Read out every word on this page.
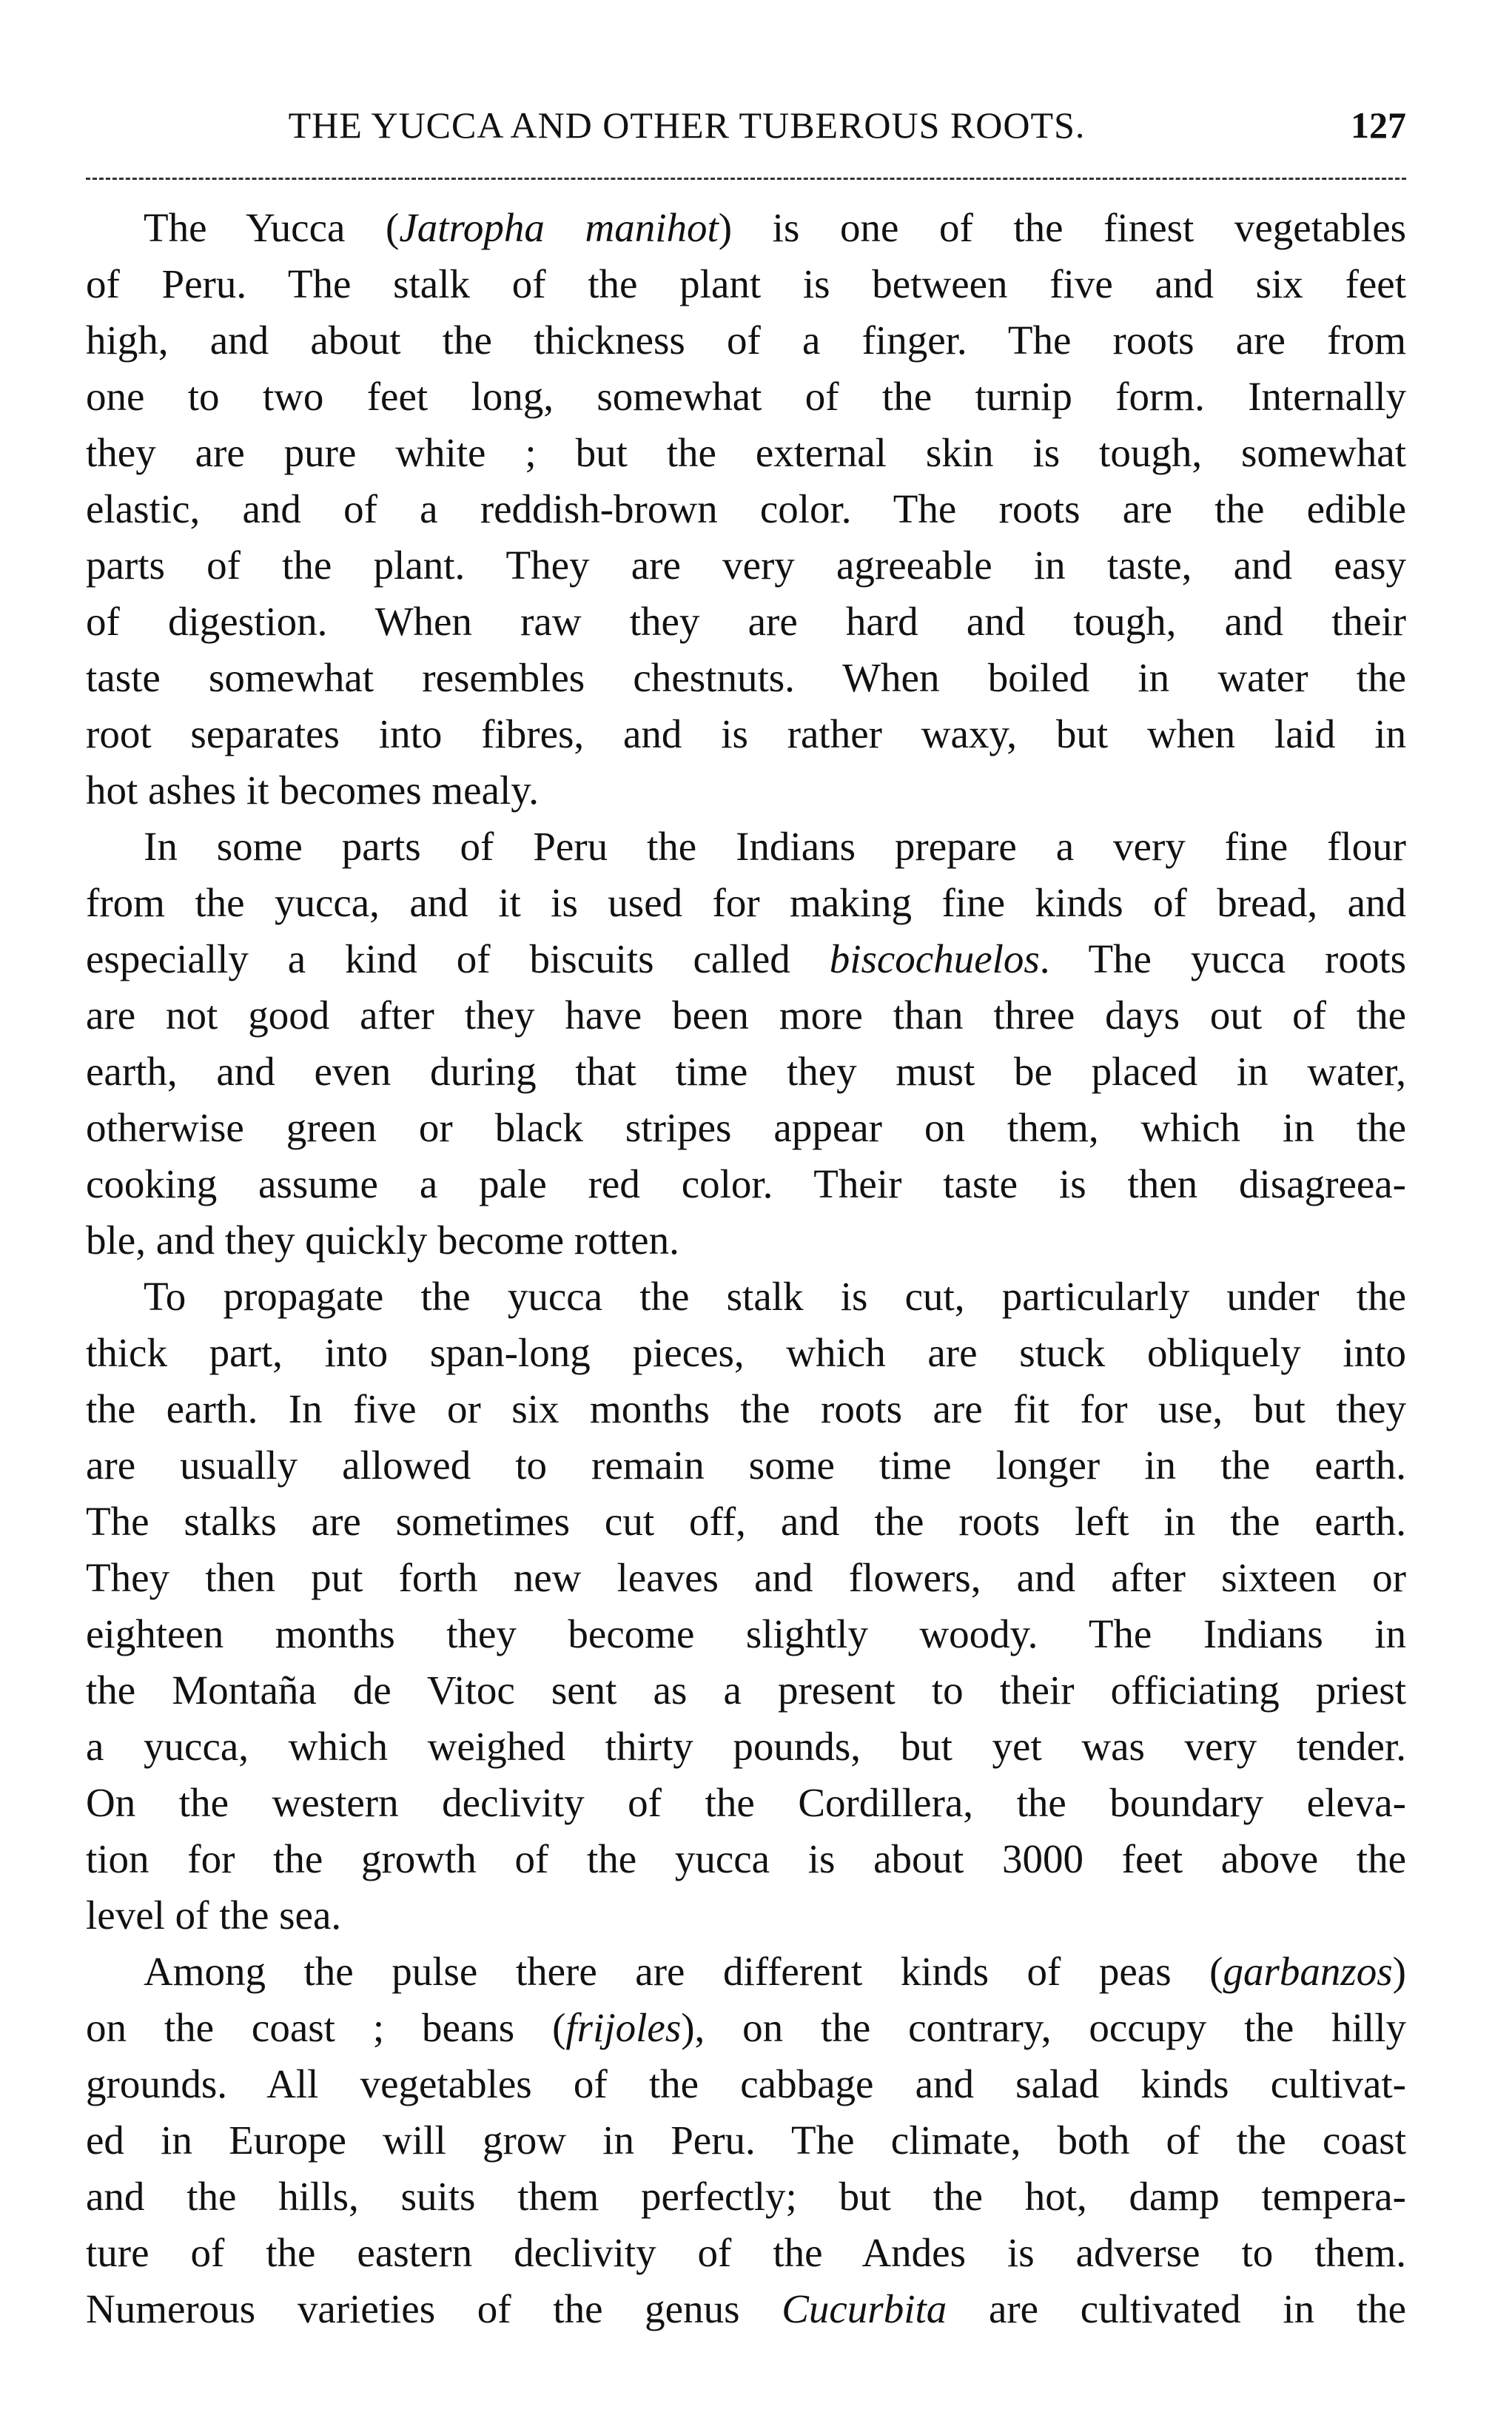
THE YUCCA AND OTHER TUBEROUS ROOTS.	127
The Yucca (Jatropha manihot) is one of the finest vegetables
of Peru. The stalk of the plant is between five and six feet
high, and about the thickness of a finger. The roots are from
one to two feet long, somewhat of the turnip form. Internally
they are pure white ; but the external skin is tough, somewhat
elastic, and of a reddish-brown color. The roots are the edible
parts of the plant. They are very agreeable in taste, and easy
of digestion. When raw they are hard and tough, and their
taste somewhat resembles chestnuts. When boiled in water the
root separates into fibres, and is rather waxy, but when laid in
hot ashes it becomes mealy.
In some parts of Peru the Indians prepare a very fine flour
from the yucca, and it is used for making fine kinds of bread, and
especially a kind of biscuits called biscochuelos. The yucca roots
are not good after they have been more than three days out of the
earth, and even during that time they must be placed in water,
otherwise green or black stripes appear on them, which in the
cooking assume a pale red color. Their taste is then disagreea-
ble, and they quickly become rotten.
To propagate the yucca the stalk is cut, particularly under the
thick part, into span-long pieces, which are stuck obliquely into
the earth. In five or six months the roots are fit for use, but they
are usually allowed to remain some time longer in the earth.
The stalks are sometimes cut off, and the roots left in the earth.
They then put forth new leaves and flowers, and after sixteen or
eighteen months they become slightly woody. The Indians in
the Montaña de Vitoc sent as a present to their officiating priest
a yucca, which weighed thirty pounds, but yet was very tender.
On the western declivity of the Cordillera, the boundary eleva-
tion for the growth of the yucca is about 3000 feet above the
level of the sea.
Among the pulse there are different kinds of peas (garbanzos)
on the coast ; beans (frijoles), on the contrary, occupy the hilly
grounds. All vegetables of the cabbage and salad kinds cultivat-
ed in Europe will grow in Peru. The climate, both of the coast
and the hills, suits them perfectly; but the hot, damp tempera-
ture of the eastern declivity of the Andes is adverse to them.
Numerous varieties of the genus Cucurbita are cultivated in the
